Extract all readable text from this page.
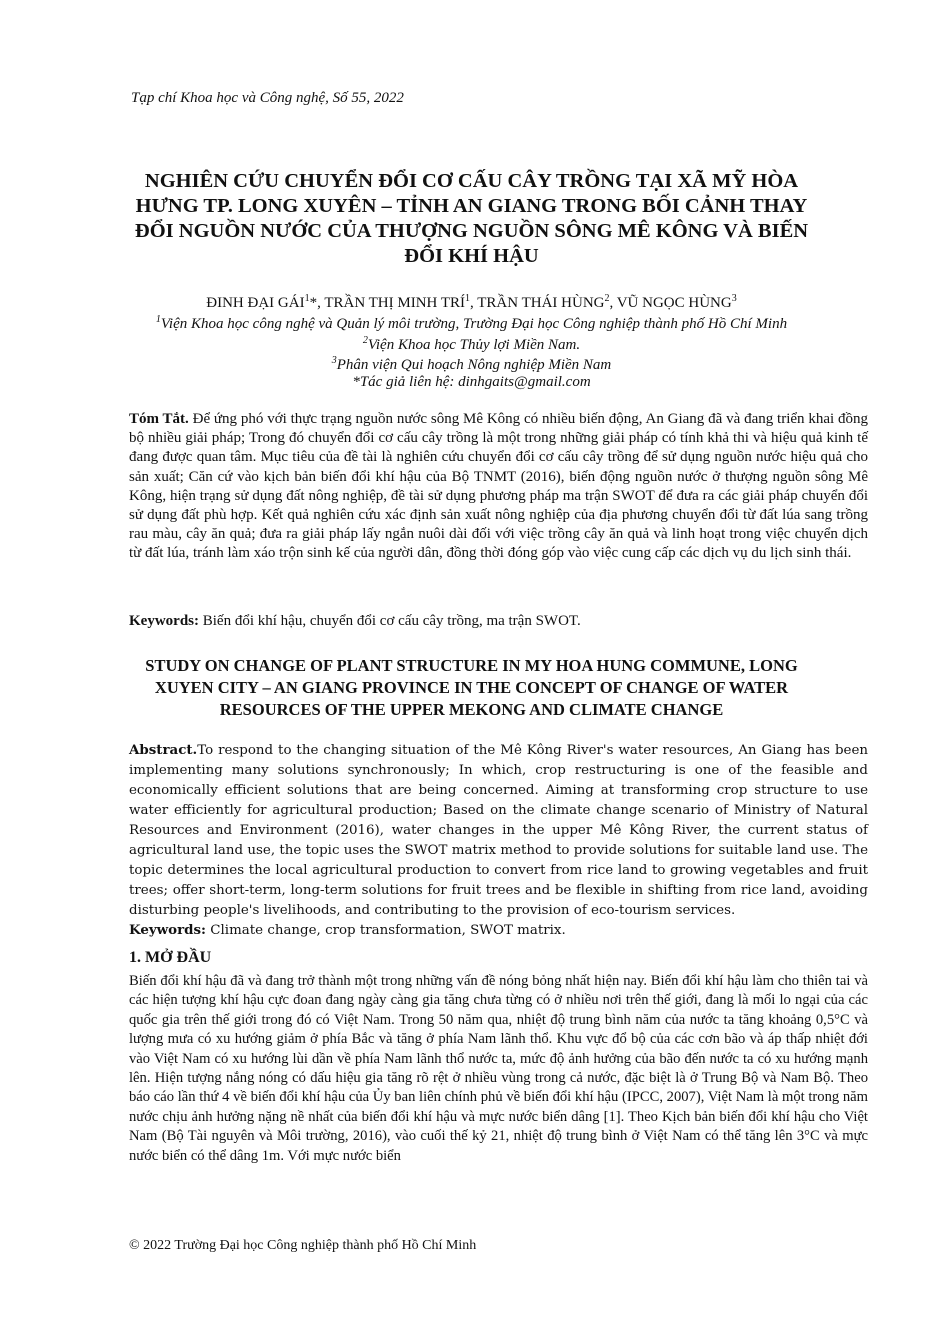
Tạp chí Khoa học và Công nghệ, Số 55, 2022
NGHIÊN CỨU CHUYỂN ĐỔI CƠ CẤU CÂY TRỒNG TẠI XÃ MỸ HÒA HƯNG TP. LONG XUYÊN – TỈNH AN GIANG TRONG BỐI CẢNH THAY ĐỔI NGUỒN NƯỚC CỦA THƯỢNG NGUỒN SÔNG MÊ KÔNG VÀ BIẾN ĐỔI KHÍ HẬU
ĐINH ĐẠI GÁI$^1$*, TRẦN THỊ MINH TRÍ$^1$, TRẦN THÁI HÙNG$^2$, VŨ NGỌC HÙNG$^3$
$^1$Viện Khoa học công nghệ và Quản lý môi trường, Trường Đại học Công nghiệp thành phố Hồ Chí Minh
$^2$Viện Khoa học Thủy lợi Miền Nam.
$^3$Phân viện Qui hoạch Nông nghiệp Miền Nam
*Tác giả liên hệ: dinhgaits@gmail.com
Tóm Tắt. Để ứng phó với thực trạng nguồn nước sông Mê Kông có nhiều biến động, An Giang đã và đang triển khai đồng bộ nhiều giải pháp; Trong đó chuyển đổi cơ cấu cây trồng là một trong những giải pháp có tính khả thi và hiệu quả kinh tế đang được quan tâm. Mục tiêu của đề tài là nghiên cứu chuyển đổi cơ cấu cây trồng để sử dụng nguồn nước hiệu quả cho sản xuất; Căn cứ vào kịch bản biến đổi khí hậu của Bộ TNMT (2016), biến động nguồn nước ở thượng nguồn sông Mê Kông, hiện trạng sử dụng đất nông nghiệp, đề tài sử dụng phương pháp ma trận SWOT để đưa ra các giải pháp chuyển đổi sử dụng đất phù hợp. Kết quả nghiên cứu xác định sản xuất nông nghiệp của địa phương chuyển đổi từ đất lúa sang trồng rau màu, cây ăn quả; đưa ra giải pháp lấy ngắn nuôi dài đối với việc trồng cây ăn quả và linh hoạt trong việc chuyển dịch từ đất lúa, tránh làm xáo trộn sinh kế của người dân, đồng thời đóng góp vào việc cung cấp các dịch vụ du lịch sinh thái.
Keywords: Biến đổi khí hậu, chuyển đổi cơ cấu cây trồng, ma trận SWOT.
STUDY ON CHANGE OF PLANT STRUCTURE IN MY HOA HUNG COMMUNE, LONG XUYEN CITY – AN GIANG PROVINCE IN THE CONCEPT OF CHANGE OF WATER RESOURCES OF THE UPPER MEKONG AND CLIMATE CHANGE
Abstract.To respond to the changing situation of the Mê Kông River's water resources, An Giang has been implementing many solutions synchronously; In which, crop restructuring is one of the feasible and economically efficient solutions that are being concerned. Aiming at transforming crop structure to use water efficiently for agricultural production; Based on the climate change scenario of Ministry of Natural Resources and Environment (2016), water changes in the upper Mê Kông River, the current status of agricultural land use, the topic uses the SWOT matrix method to provide solutions for suitable land use. The topic determines the local agricultural production to convert from rice land to growing vegetables and fruit trees; offer short-term, long-term solutions for fruit trees and be flexible in shifting from rice land, avoiding disturbing people's livelihoods, and contributing to the provision of eco-tourism services.
Keywords: Climate change, crop transformation, SWOT matrix.
1. MỞ ĐẦU
Biến đổi khí hậu đã và đang trở thành một trong những vấn đề nóng bỏng nhất hiện nay. Biến đổi khí hậu làm cho thiên tai và các hiện tượng khí hậu cực đoan đang ngày càng gia tăng chưa từng có ở nhiều nơi trên thế giới, đang là mối lo ngại của các quốc gia trên thế giới trong đó có Việt Nam. Trong 50 năm qua, nhiệt độ trung bình năm của nước ta tăng khoảng 0,5°C và lượng mưa có xu hướng giảm ở phía Bắc và tăng ở phía Nam lãnh thổ. Khu vực đổ bộ của các cơn bão và áp thấp nhiệt đới vào Việt Nam có xu hướng lùi dần về phía Nam lãnh thổ nước ta, mức độ ảnh hưởng của bão đến nước ta có xu hướng mạnh lên. Hiện tượng nắng nóng có dấu hiệu gia tăng rõ rệt ở nhiều vùng trong cả nước, đặc biệt là ở Trung Bộ và Nam Bộ. Theo báo cáo lần thứ 4 về biến đổi khí hậu của Ủy ban liên chính phủ về biến đổi khí hậu (IPCC, 2007), Việt Nam là một trong năm nước chịu ảnh hưởng nặng nề nhất của biến đổi khí hậu và mực nước biển dâng [1]. Theo Kịch bản biến đổi khí hậu cho Việt Nam (Bộ Tài nguyên và Môi trường, 2016), vào cuối thế kỷ 21, nhiệt độ trung bình ở Việt Nam có thể tăng lên 3°C và mực nước biển có thể dâng 1m. Với mực nước biển
© 2022 Trường Đại học Công nghiệp thành phố Hồ Chí Minh
